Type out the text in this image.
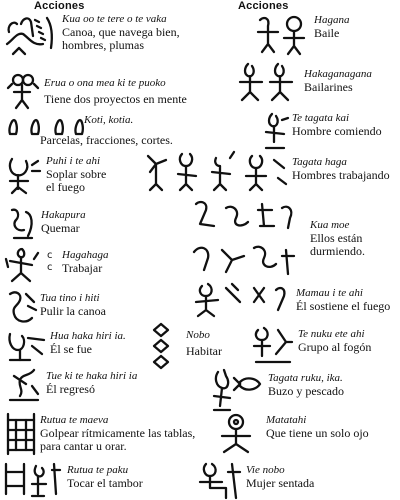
Acciones	Acciones
Kua oo te tere o te vaka
Canoa, que navega bien,
hombres, plumas
Erua o ona mea ki te puoko
Tiene dos proyectos en mente
Koti, kotia.
Parcelas, fracciones, cortes.
Puhi i te ahi
Soplar sobre
el fuego
Hakapura
Quemar
Hagahaga
Trabajar
c
c
Tua tino i hiti
Pulir la canoa
Hua haka hiri ia.
Él se fue
Nobo
Habitar
Tue ki te haka hiri ia
Él regresó
Rutua te maeva
Golpear rítmicamente las tablas,
para cantar u orar.
Rutua te paku
Tocar el tambor
Hagana
Baile
Hakaganagana
Bailarines
Te tagata kai
Hombre comiendo
Tagata haga
Hombres trabajando
Kua moe
Ellos están
durmiendo.
Mamau i te ahi
Él sostiene el fuego
Te nuku ete ahi
Grupo al fogón
Tagata ruku, ika.
Buzo y pescado
Matatahi
Que tiene un solo ojo
Vie nobo
Mujer sentada
